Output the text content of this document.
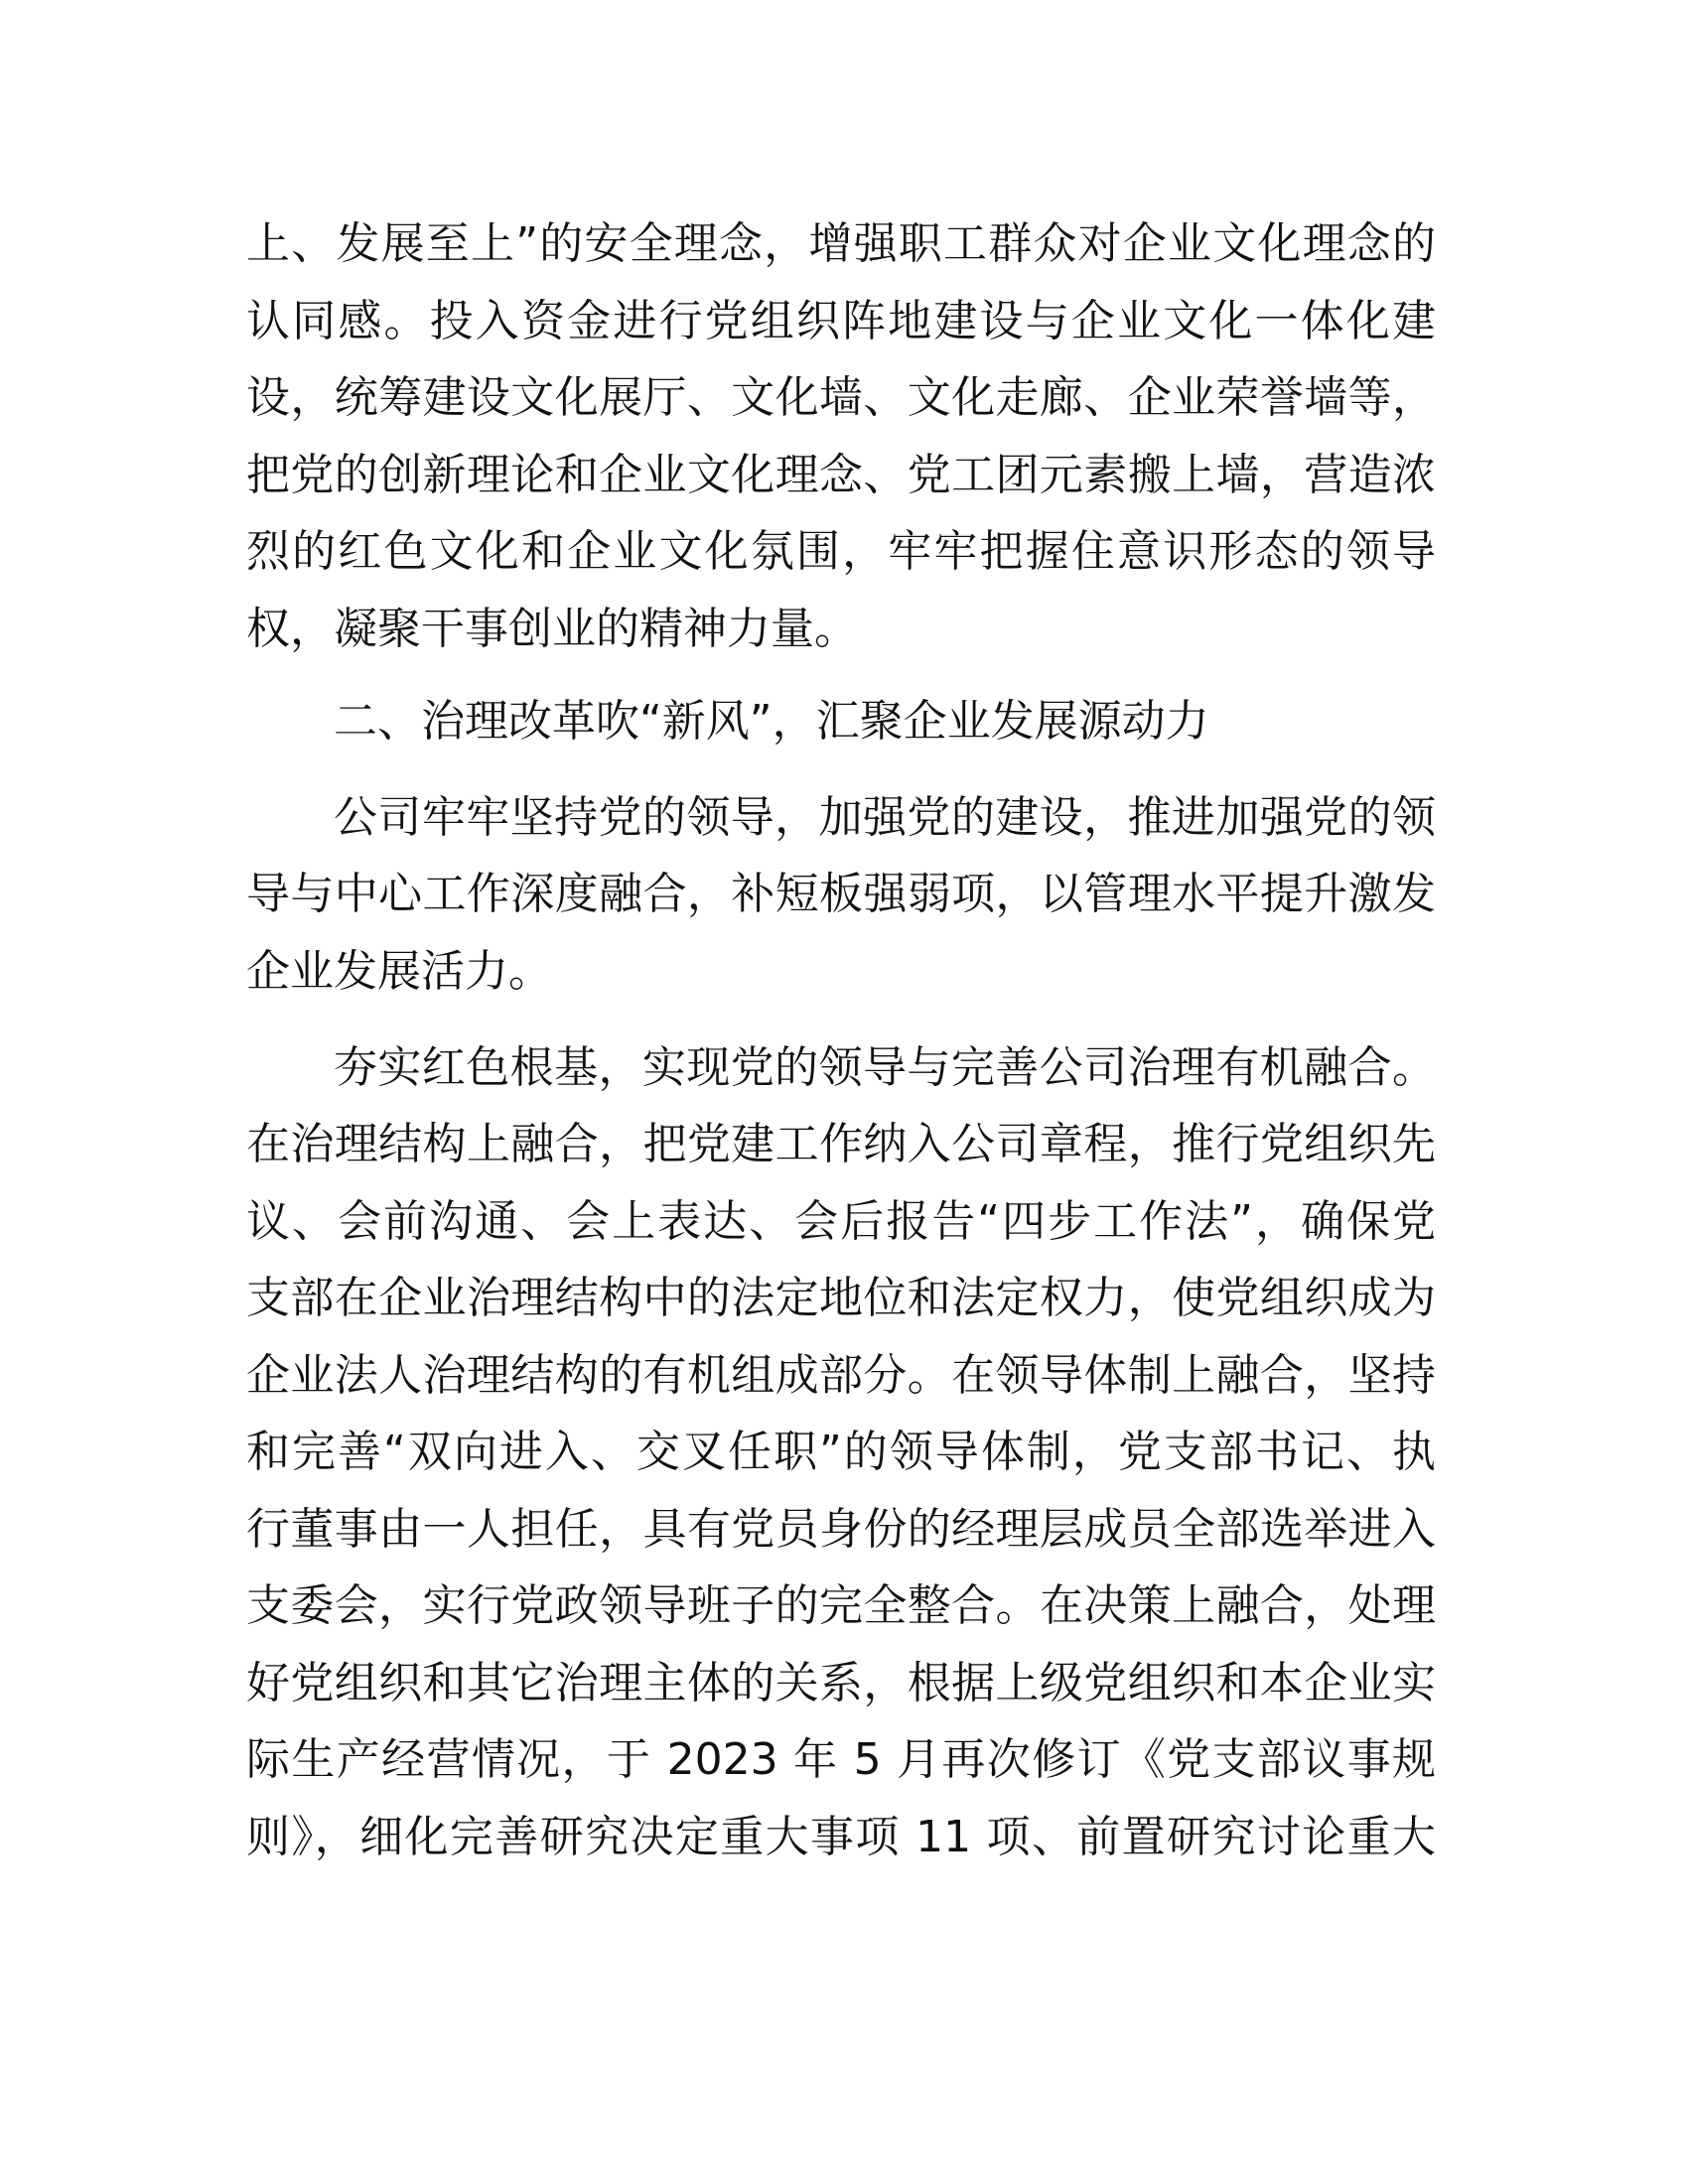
上、发展至上”的安全理念，增强职工群众对企业文化理念的
认同感。投入资金进行党组织阵地建设与企业文化一体化建
设，统筹建设文化展厅、文化墙、文化走廊、企业荣誉墙等，
把党的创新理论和企业文化理念、党工团元素搬上墙，营造浓
烈的红色文化和企业文化氛围，牢牢把握住意识形态的领导
权，凝聚干事创业的精神力量。
二、治理改革吹“新风”，汇聚企业发展源动力
公司牢牢坚持党的领导，加强党的建设，推进加强党的领
导与中心工作深度融合，补短板强弱项，以管理水平提升激发
企业发展活力。
夯实红色根基，实现党的领导与完善公司治理有机融合。
在治理结构上融合，把党建工作纳入公司章程，推行党组织先
议、会前沟通、会上表达、会后报告“四步工作法”，确保党
支部在企业治理结构中的法定地位和法定权力，使党组织成为
企业法人治理结构的有机组成部分。在领导体制上融合，坚持
和完善“双向进入、交叉任职”的领导体制，党支部书记、执
行董事由一人担任，具有党员身份的经理层成员全部选举进入
支委会，实行党政领导班子的完全整合。在决策上融合，处理
好党组织和其它治理主体的关系，根据上级党组织和本企业实
际生产经营情况，于 2023 年 5 月再次修订《党支部议事规
则》，细化完善研究决定重大事项 11 项、前置研究讨论重大
